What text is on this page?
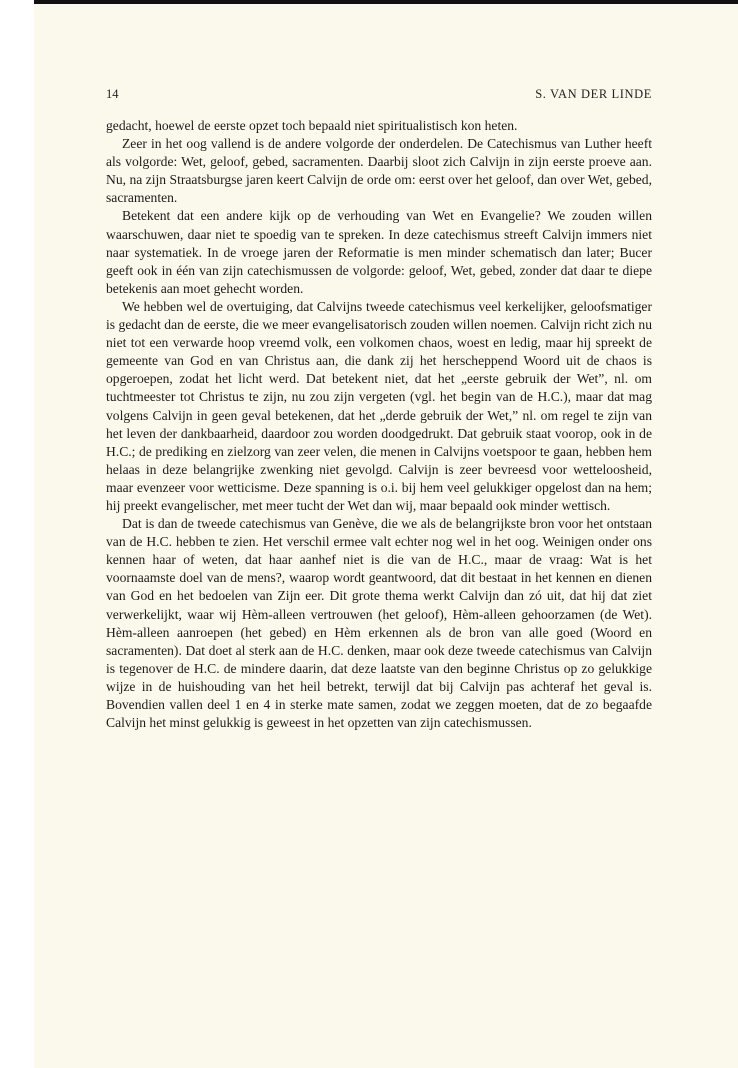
14	S. VAN DER LINDE

gedacht, hoewel de eerste opzet toch bepaald niet spiritualistisch kon heten.

Zeer in het oog vallend is de andere volgorde der onderdelen. De Catechismus van Luther heeft als volgorde: Wet, geloof, gebed, sacramenten. Daarbij sloot zich Calvijn in zijn eerste proeve aan. Nu, na zijn Straatsburgse jaren keert Calvijn de orde om: eerst over het geloof, dan over Wet, gebed, sacramenten.

Betekent dat een andere kijk op de verhouding van Wet en Evangelie? We zouden willen waarschuwen, daar niet te spoedig van te spreken. In deze catechismus streeft Calvijn immers niet naar systematiek. In de vroege jaren der Reformatie is men minder schematisch dan later; Bucer geeft ook in één van zijn catechismussen de volgorde: geloof, Wet, gebed, zonder dat daar te diepe betekenis aan moet gehecht worden.

We hebben wel de overtuiging, dat Calvijns tweede catechismus veel kerkelijker, geloofsmatiger is gedacht dan de eerste, die we meer evangelisatorisch zouden willen noemen. Calvijn richt zich nu niet tot een verwarde hoop vreemd volk, een volkomen chaos, woest en ledig, maar hij spreekt de gemeente van God en van Christus aan, die dank zij het herscheppend Woord uit de chaos is opgeroepen, zodat het licht werd. Dat betekent niet, dat het „eerste gebruik der Wet”, nl. om tuchtmeester tot Christus te zijn, nu zou zijn vergeten (vgl. het begin van de H.C.), maar dat mag volgens Calvijn in geen geval betekenen, dat het „derde gebruik der Wet,” nl. om regel te zijn van het leven der dankbaarheid, daardoor zou worden doodgedrukt. Dat gebruik staat voorop, ook in de H.C.; de prediking en zielzorg van zeer velen, die menen in Calvijns voetspoor te gaan, hebben hem helaas in deze belangrijke zwenking niet gevolgd. Calvijn is zeer bevreesd voor wetteloosheid, maar evenzeer voor wetticisme. Deze spanning is o.i. bij hem veel gelukkiger opgelost dan na hem; hij preekt evangelischer, met meer tucht der Wet dan wij, maar bepaald ook minder wettisch.

Dat is dan de tweede catechismus van Genève, die we als de belangrijkste bron voor het ontstaan van de H.C. hebben te zien. Het verschil ermee valt echter nog wel in het oog. Weinigen onder ons kennen haar of weten, dat haar aanhef niet is die van de H.C., maar de vraag: Wat is het voornaamste doel van de mens?, waarop wordt geantwoord, dat dit bestaat in het kennen en dienen van God en het bedoelen van Zijn eer. Dit grote thema werkt Calvijn dan zó uit, dat hij dat ziet verwerkelijkt, waar wij Hèm-alleen vertrouwen (het geloof), Hèm-alleen gehoorzamen (de Wet). Hèm-alleen aanroepen (het gebed) en Hèm erkennen als de bron van alle goed (Woord en sacramenten). Dat doet al sterk aan de H.C. denken, maar ook deze tweede catechismus van Calvijn is tegenover de H.C. de mindere daarin, dat deze laatste van den beginne Christus op zo gelukkige wijze in de huishouding van het heil betrekt, terwijl dat bij Calvijn pas achteraf het geval is. Bovendien vallen deel 1 en 4 in sterke mate samen, zodat we zeggen moeten, dat de zo begaafde Calvijn het minst gelukkig is geweest in het opzetten van zijn catechismussen.
